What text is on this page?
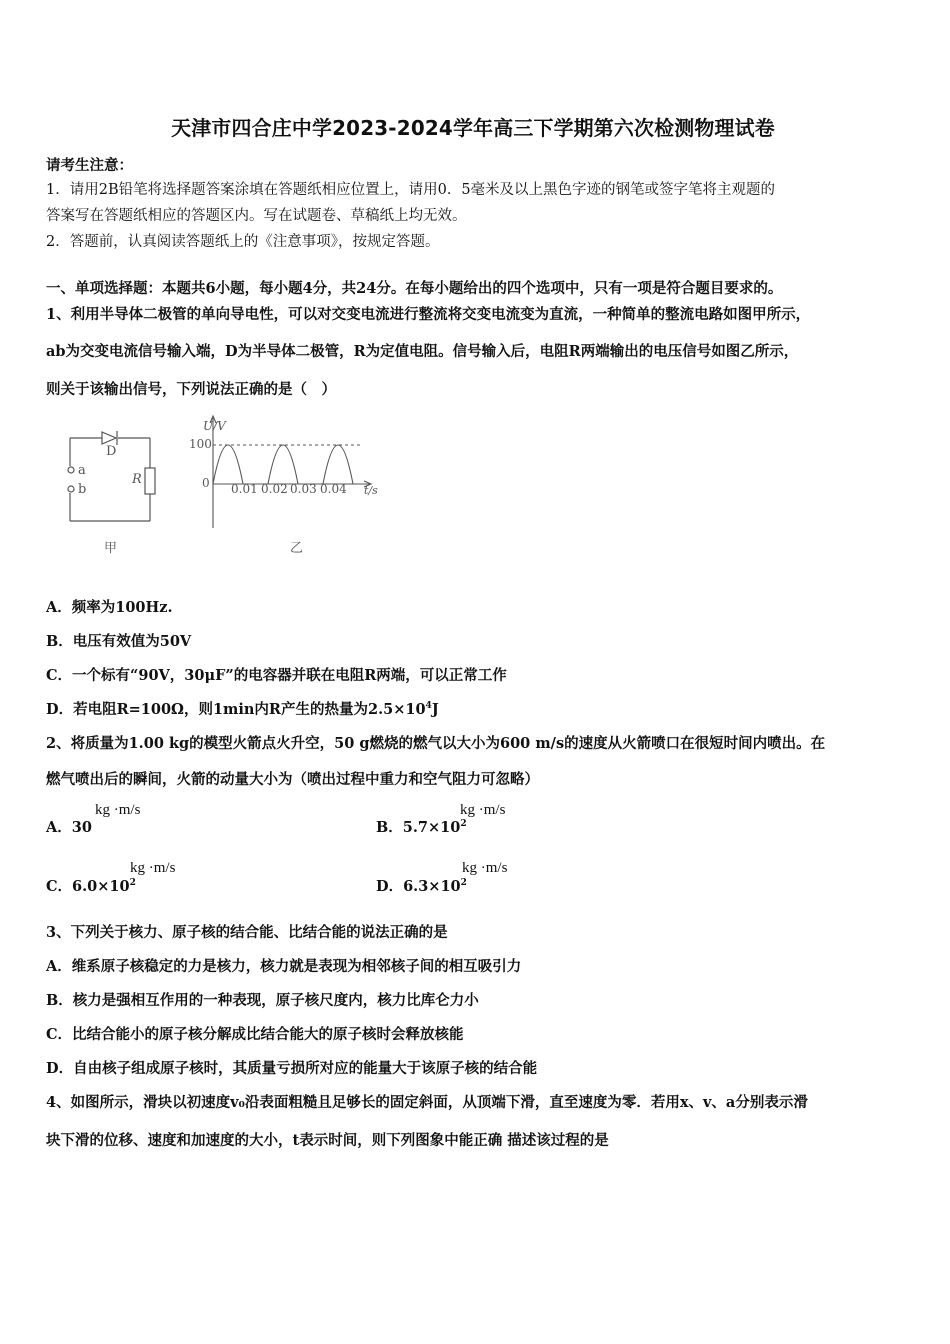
天津市四合庄中学2023-2024学年高三下学期第六次检测物理试卷
请考生注意：
1．请用2B铅笔将选择题答案涂填在答题纸相应位置上，请用0．5毫米及以上黑色字迹的钢笔或签字笔将主观题的
答案写在答题纸相应的答题区内。写在试题卷、草稿纸上均无效。
2．答题前，认真阅读答题纸上的《注意事项》，按规定答题。
一、单项选择题：本题共6小题，每小题4分，共24分。在每小题给出的四个选项中，只有一项是符合题目要求的。
1、利用半导体二极管的单向导电性，可以对交变电流进行整流将交变电流变为直流，一种简单的整流电路如图甲所示，
ab为交变电流信号输入端，D为半导体二极管，R为定值电阻。信号输入后，电阻R两端输出的电压信号如图乙所示，
则关于该输出信号，下列说法正确的是（　）
D
a
b
R
甲
U/V
100
0 0.01 0.02 0.03 0.04 t/s
乙
A．频率为100Hz.
B．电压有效值为50V
C．一个标有“90V，30μF”的电容器并联在电阻R两端，可以正常工作
D．若电阻R=100Ω，则1min内R产生的热量为$2.5\times 10^4J$
2、将质量为1.00 kg的模型火箭点火升空，50 g燃烧的燃气以大小为600 m/s的速度从火箭喷口在很短时间内喷出。在
燃气喷出后的瞬间，火箭的动量大小为（喷出过程中重力和空气阻力可忽略）
A．30
kg ·m/s
B．$5.7\times 10^2$
kg ·m/s
C．$6.0\times 10^2$
kg ·m/s
D．$6.3\times 10^2$
kg ·m/s
3、下列关于核力、原子核的结合能、比结合能的说法正确的是
A．维系原子核稳定的力是核力，核力就是表现为相邻核子间的相互吸引力
B．核力是强相互作用的一种表现，原子核尺度内，核力比库仑力小
C．比结合能小的原子核分解成比结合能大的原子核时会释放核能
D．自由核子组成原子核时，其质量亏损所对应的能量大于该原子核的结合能
4、如图所示，滑块以初速度v₀沿表面粗糙且足够长的固定斜面，从顶端下滑，直至速度为零．若用x、v、a分别表示滑
块下滑的位移、速度和加速度的大小，t表示时间，则下列图象中能正确 描述该过程的是
